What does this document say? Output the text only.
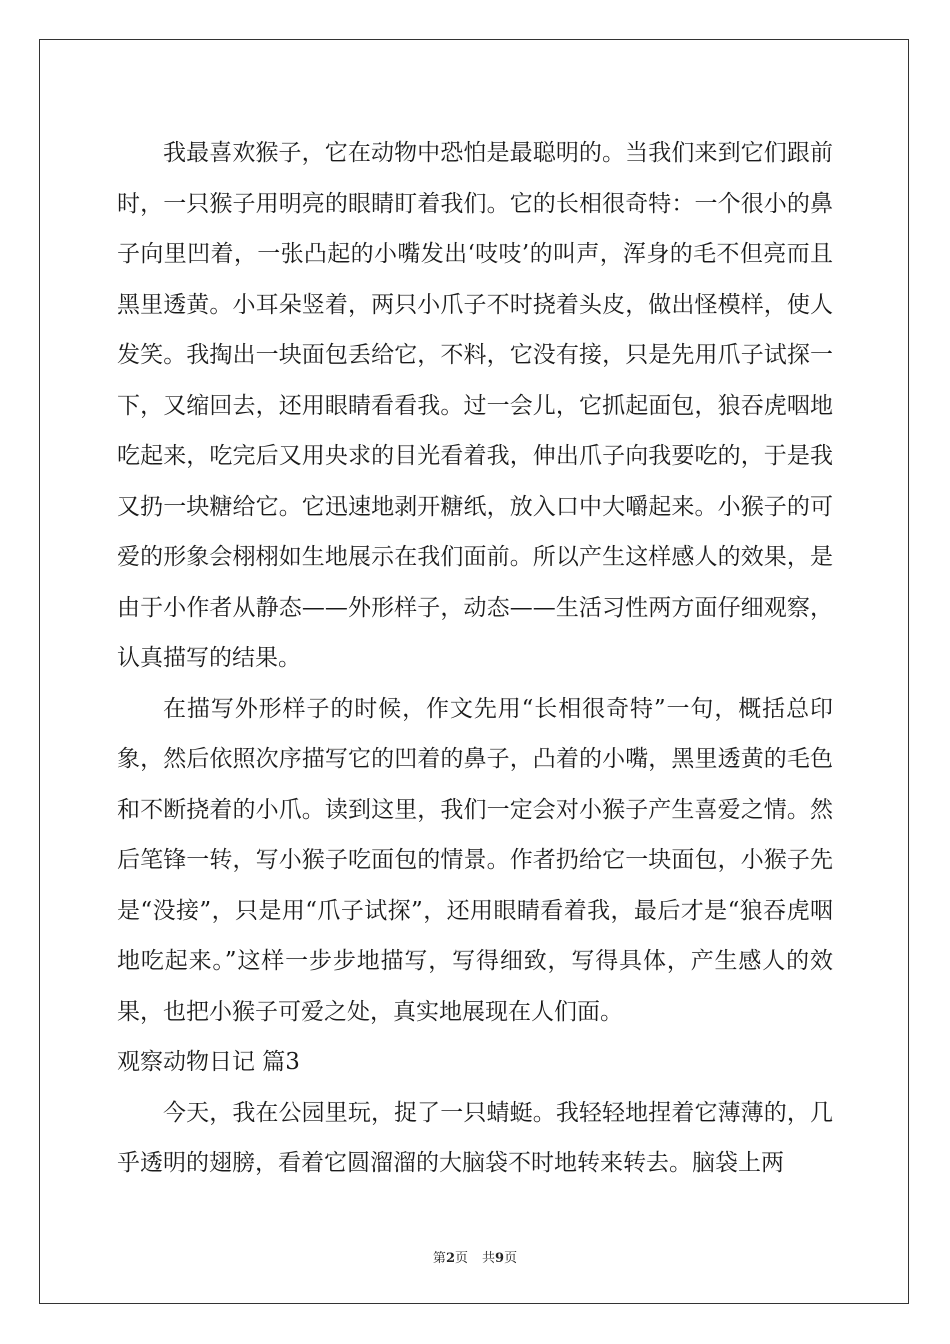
我最喜欢猴子，它在动物中恐怕是最聪明的。当我们来到它们跟前时，一只猴子用明亮的眼睛盯着我们。它的长相很奇特：一个很小的鼻子向里凹着，一张凸起的小嘴发出‘吱吱’的叫声，浑身的毛不但亮而且黑里透黄。小耳朵竖着，两只小爪子不时挠着头皮，做出怪模样，使人发笑。我掏出一块面包丢给它，不料，它没有接，只是先用爪子试探一下，又缩回去，还用眼睛看看我。过一会儿，它抓起面包，狼吞虎咽地吃起来，吃完后又用央求的目光看着我，伸出爪子向我要吃的，于是我又扔一块糖给它。它迅速地剥开糖纸，放入口中大嚼起来。小猴子的可爱的形象会栩栩如生地展示在我们面前。所以产生这样感人的效果，是由于小作者从静态——外形样子，动态——生活习性两方面仔细观察，认真描写的结果。

在描写外形样子的时候，作文先用“长相很奇特”一句，概括总印象，然后依照次序描写它的凹着的鼻子，凸着的小嘴，黑里透黄的毛色和不断挠着的小爪。读到这里，我们一定会对小猴子产生喜爱之情。然后笔锋一转，写小猴子吃面包的情景。作者扔给它一块面包，小猴子先是“没接”，只是用“爪子试探”，还用眼睛看着我，最后才是“狼吞虎咽地吃起来。”这样一步步地描写，写得细致，写得具体，产生感人的效果，也把小猴子可爱之处，真实地展现在人们面。

观察动物日记 篇3

今天，我在公园里玩，捉了一只蜻蜓。我轻轻地捏着它薄薄的，几乎透明的翅膀，看着它圆溜溜的大脑袋不时地转来转去。脑袋上两

第2页 共9页
